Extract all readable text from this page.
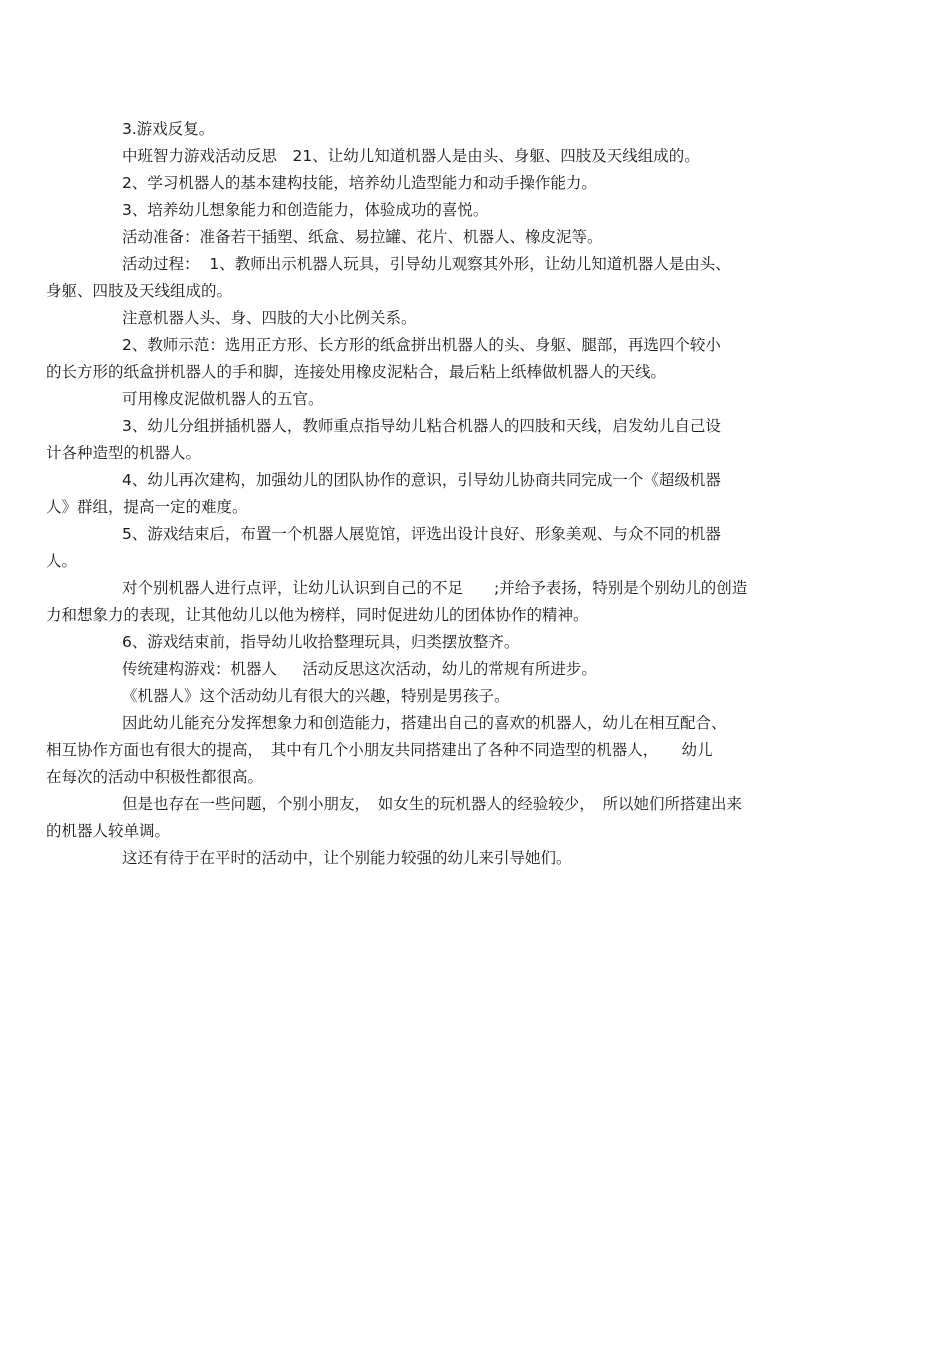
3.游戏反复。
中班智力游戏活动反思　21、让幼儿知道机器人是由头、身躯、四肢及天线组成的。
2、学习机器人的基本建构技能，培养幼儿造型能力和动手操作能力。
3、培养幼儿想象能力和创造能力，体验成功的喜悦。
活动准备：准备若干插塑、纸盒、易拉罐、花片、机器人、橡皮泥等。
活动过程：  1、教师出示机器人玩具，引导幼儿观察其外形，让幼儿知道机器人是由头、
身躯、四肢及天线组成的。
注意机器人头、身、四肢的大小比例关系。
2、教师示范：选用正方形、长方形的纸盒拼出机器人的头、身躯、腿部，再选四个较小
的长方形的纸盒拼机器人的手和脚，连接处用橡皮泥粘合，最后粘上纸棒做机器人的天线。
可用橡皮泥做机器人的五官。
3、幼儿分组拼插机器人，教师重点指导幼儿粘合机器人的四肢和天线，启发幼儿自己设
计各种造型的机器人。
4、幼儿再次建构，加强幼儿的团队协作的意识，引导幼儿协商共同完成一个《超级机器
人》群组，提高一定的难度。
5、游戏结束后，布置一个机器人展览馆，评选出设计良好、形象美观、与众不同的机器
人。
对个别机器人进行点评，让幼儿认识到自己的不足　　;并给予表扬，特别是个别幼儿的创造
力和想象力的表现，让其他幼儿以他为榜样，同时促进幼儿的团体协作的精神。
6、游戏结束前，指导幼儿收拾整理玩具，归类摆放整齐。
传统建构游戏：机器人　  活动反思这次活动，幼儿的常规有所进步。
《机器人》这个活动幼儿有很大的兴趣，特别是男孩子。
因此幼儿能充分发挥想象力和创造能力，搭建出自己的喜欢的机器人，幼儿在相互配合、
相互协作方面也有很大的提高，　其中有几个小朋友共同搭建出了各种不同造型的机器人，　　幼儿
在每次的活动中积极性都很高。
但是也存在一些问题，个别小朋友，　如女生的玩机器人的经验较少，　所以她们所搭建出来
的机器人较单调。
这还有待于在平时的活动中，让个别能力较强的幼儿来引导她们。
